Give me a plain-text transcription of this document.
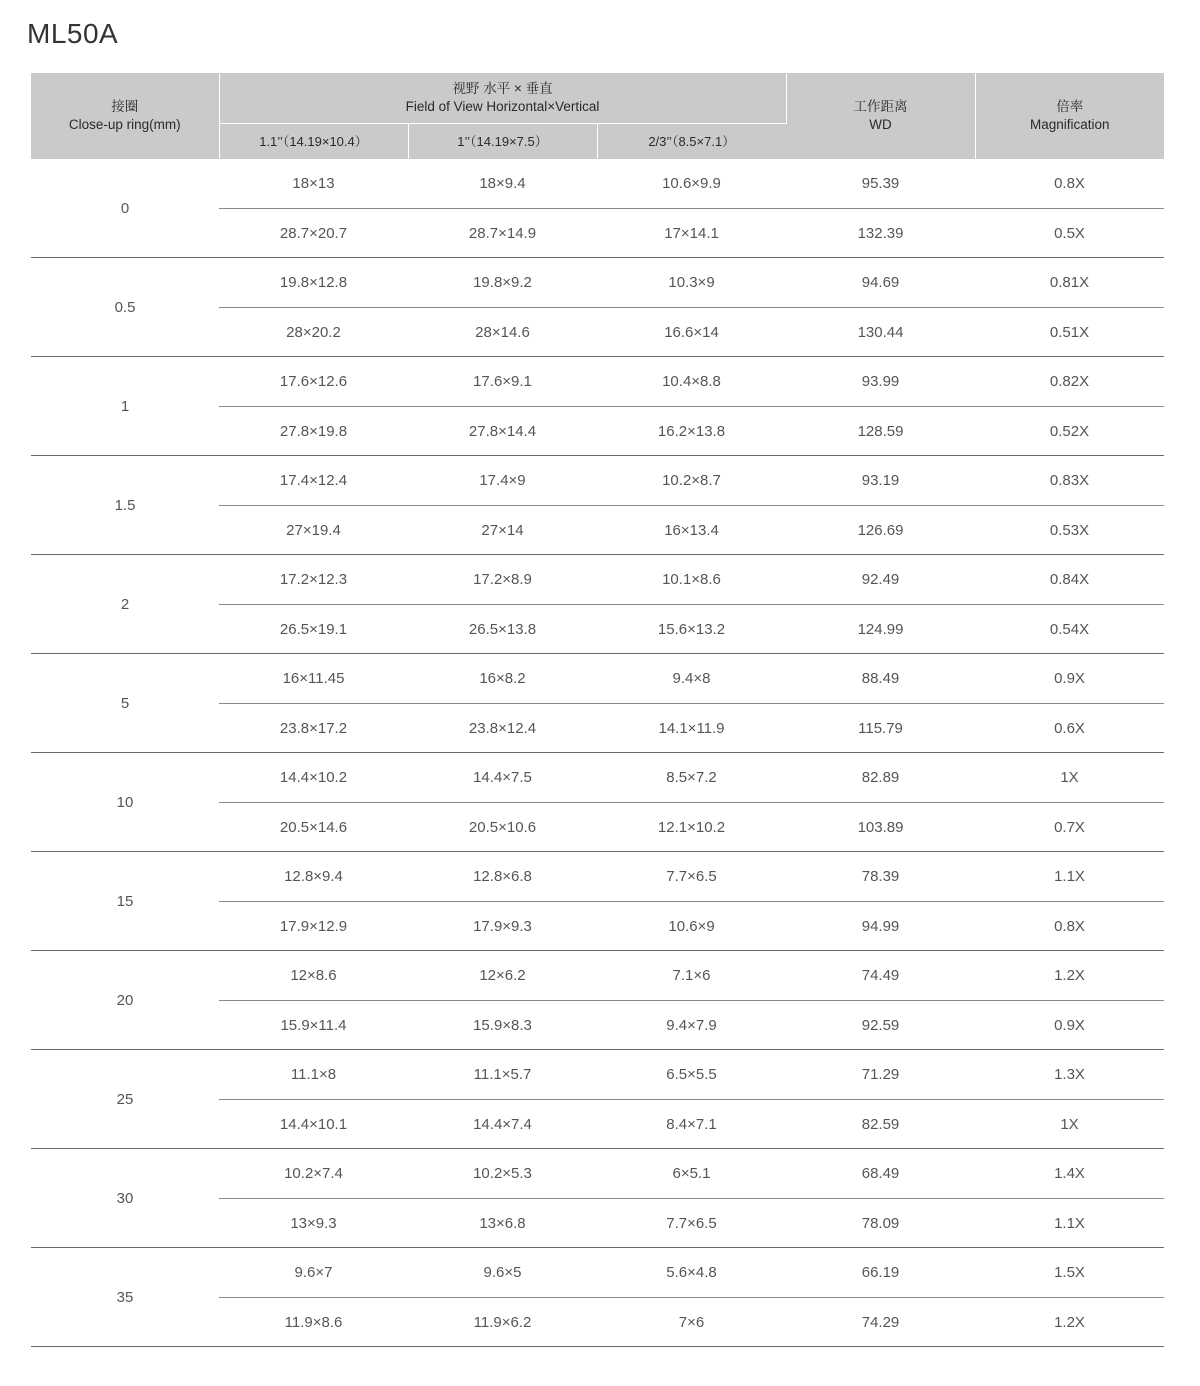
ML50A
接圈
Close-up ring(mm)	视野 水平 × 垂直
Field of View Horizontal×Vertical			工作距离
WD	倍率
Magnification

	1.1’’（14.19×10.4）	1’’（14.19×7.5）	2/3’’（8.5×7.1）		
0	18×13	18×9.4	10.6×9.9	95.39	0.8X
	28.7×20.7	28.7×14.9	17×14.1	132.39	0.5X
0.5	19.8×12.8	19.8×9.2	10.3×9	94.69	0.81X
	28×20.2	28×14.6	16.6×14	130.44	0.51X
1	17.6×12.6	17.6×9.1	10.4×8.8	93.99	0.82X
	27.8×19.8	27.8×14.4	16.2×13.8	128.59	0.52X
1.5	17.4×12.4	17.4×9	10.2×8.7	93.19	0.83X
	27×19.4	27×14	16×13.4	126.69	0.53X
2	17.2×12.3	17.2×8.9	10.1×8.6	92.49	0.84X
	26.5×19.1	26.5×13.8	15.6×13.2	124.99	0.54X
5	16×11.45	16×8.2	9.4×8	88.49	0.9X
	23.8×17.2	23.8×12.4	14.1×11.9	115.79	0.6X
10	14.4×10.2	14.4×7.5	8.5×7.2	82.89	1X
	20.5×14.6	20.5×10.6	12.1×10.2	103.89	0.7X
15	12.8×9.4	12.8×6.8	7.7×6.5	78.39	1.1X
	17.9×12.9	17.9×9.3	10.6×9	94.99	0.8X
20	12×8.6	12×6.2	7.1×6	74.49	1.2X
	15.9×11.4	15.9×8.3	9.4×7.9	92.59	0.9X
25	11.1×8	11.1×5.7	6.5×5.5	71.29	1.3X
	14.4×10.1	14.4×7.4	8.4×7.1	82.59	1X
30	10.2×7.4	10.2×5.3	6×5.1	68.49	1.4X
	13×9.3	13×6.8	7.7×6.5	78.09	1.1X
35	9.6×7	9.6×5	5.6×4.8	66.19	1.5X
	11.9×8.6	11.9×6.2	7×6	74.29	1.2X
